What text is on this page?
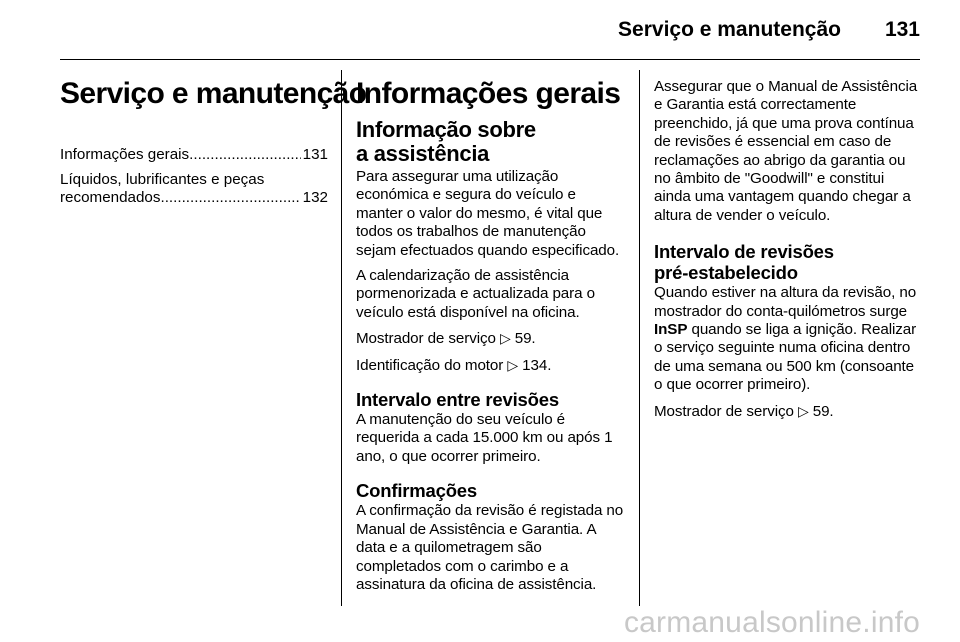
Serviço e manutenção 131
Serviço e manutenção
Informações gerais .....	131
Líquidos, lubrificantes e peças
recomendados .....	132
Informações gerais
Informação sobre
a assistência

Para assegurar uma utilização económica e segura do veículo e manter o valor do mesmo, é vital que todos os trabalhos de manutenção sejam efectuados quando especificado.

A calendarização de assistência pormenorizada e actualizada para o veículo está disponível na oficina.

Mostrador de serviço ▷ 59.

Identificação do motor ▷ 134.

Intervalo entre revisões

A manutenção do seu veículo é requerida a cada 15.000 km ou após 1 ano, o que ocorrer primeiro.

Confirmações

A confirmação da revisão é registada no Manual de Assistência e Garantia. A data e a quilometragem são completados com o carimbo e a assinatura da oficina de assistência.

Assegurar que o Manual de Assistência e Garantia está correctamente preenchido, já que uma prova contínua de revisões é essencial em caso de reclamações ao abrigo da garantia ou no âmbito de "Goodwill" e constitui ainda uma vantagem quando chegar a altura de vender o veículo.

Intervalo de revisões
pré-estabelecido

Quando estiver na altura da revisão, no mostrador do conta-quilómetros surge InSP quando se liga a ignição. Realizar o serviço seguinte numa oficina dentro de uma semana ou 500 km (consoante o que ocorrer primeiro).

Mostrador de serviço ▷ 59.

carmanualsonline.info
